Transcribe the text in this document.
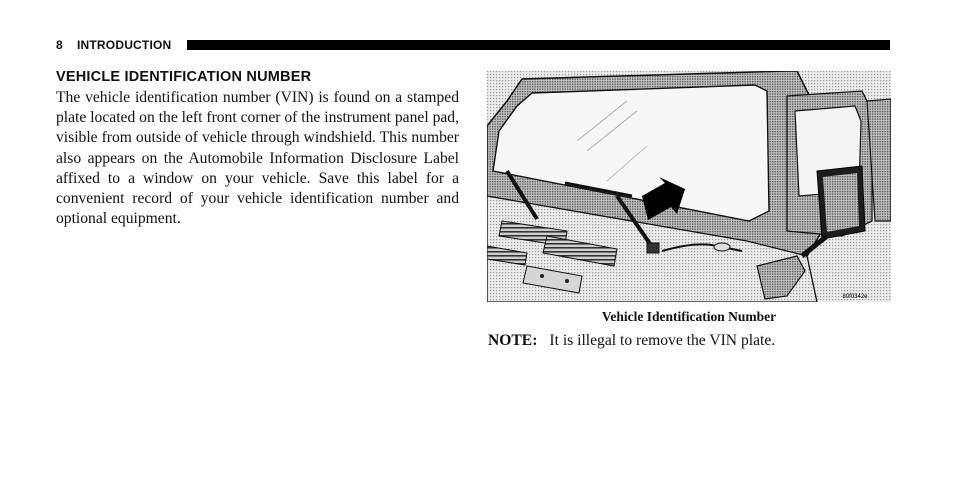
8 INTRODUCTION
VEHICLE IDENTIFICATION NUMBER

The vehicle identification number (VIN) is found on a stamped plate located on the left front corner of the instrument panel pad, visible from outside of vehicle through windshield. This number also appears on the Automobile Information Disclosure Label affixed to a window on your vehicle. Save this label for a convenient record of your vehicle identification number and optional equipment.

80f0342e
Vehicle Identification Number
NOTE: It is illegal to remove the VIN plate.
